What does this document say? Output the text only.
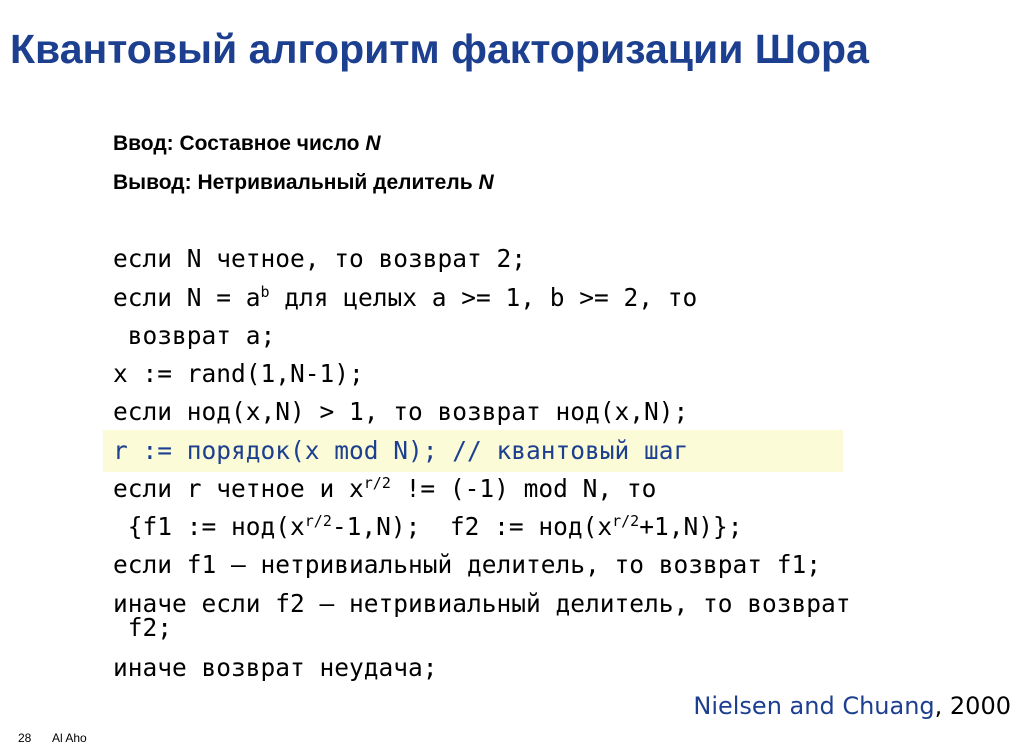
Квантовый алгоритм факторизации Шора
Ввод: Составное число N
Вывод: Нетривиальный делитель N
если N четное, то возврат 2;
если $N = a^b$ для целых a >= 1, b >= 2, то
возврат a;
x := rand(1,N-1);
если нод(x,N) > 1, то возврат нод(x,N);
r := порядок(x mod N); // квантовый шаг
если r четное и $x^{r/2}$ != (-1) mod N, то
{f1 := $нод(x^{r/2}-1,N)$;  f2 := $нод(x^{r/2}+1,N)$};
если f1 – нетривиальный делитель, то возврат f1;
иначе если f2 – нетривиальный делитель, то возврат
f2;
иначе возврат неудача;
Nielsen and Chuang, 2000
28 Al Aho
